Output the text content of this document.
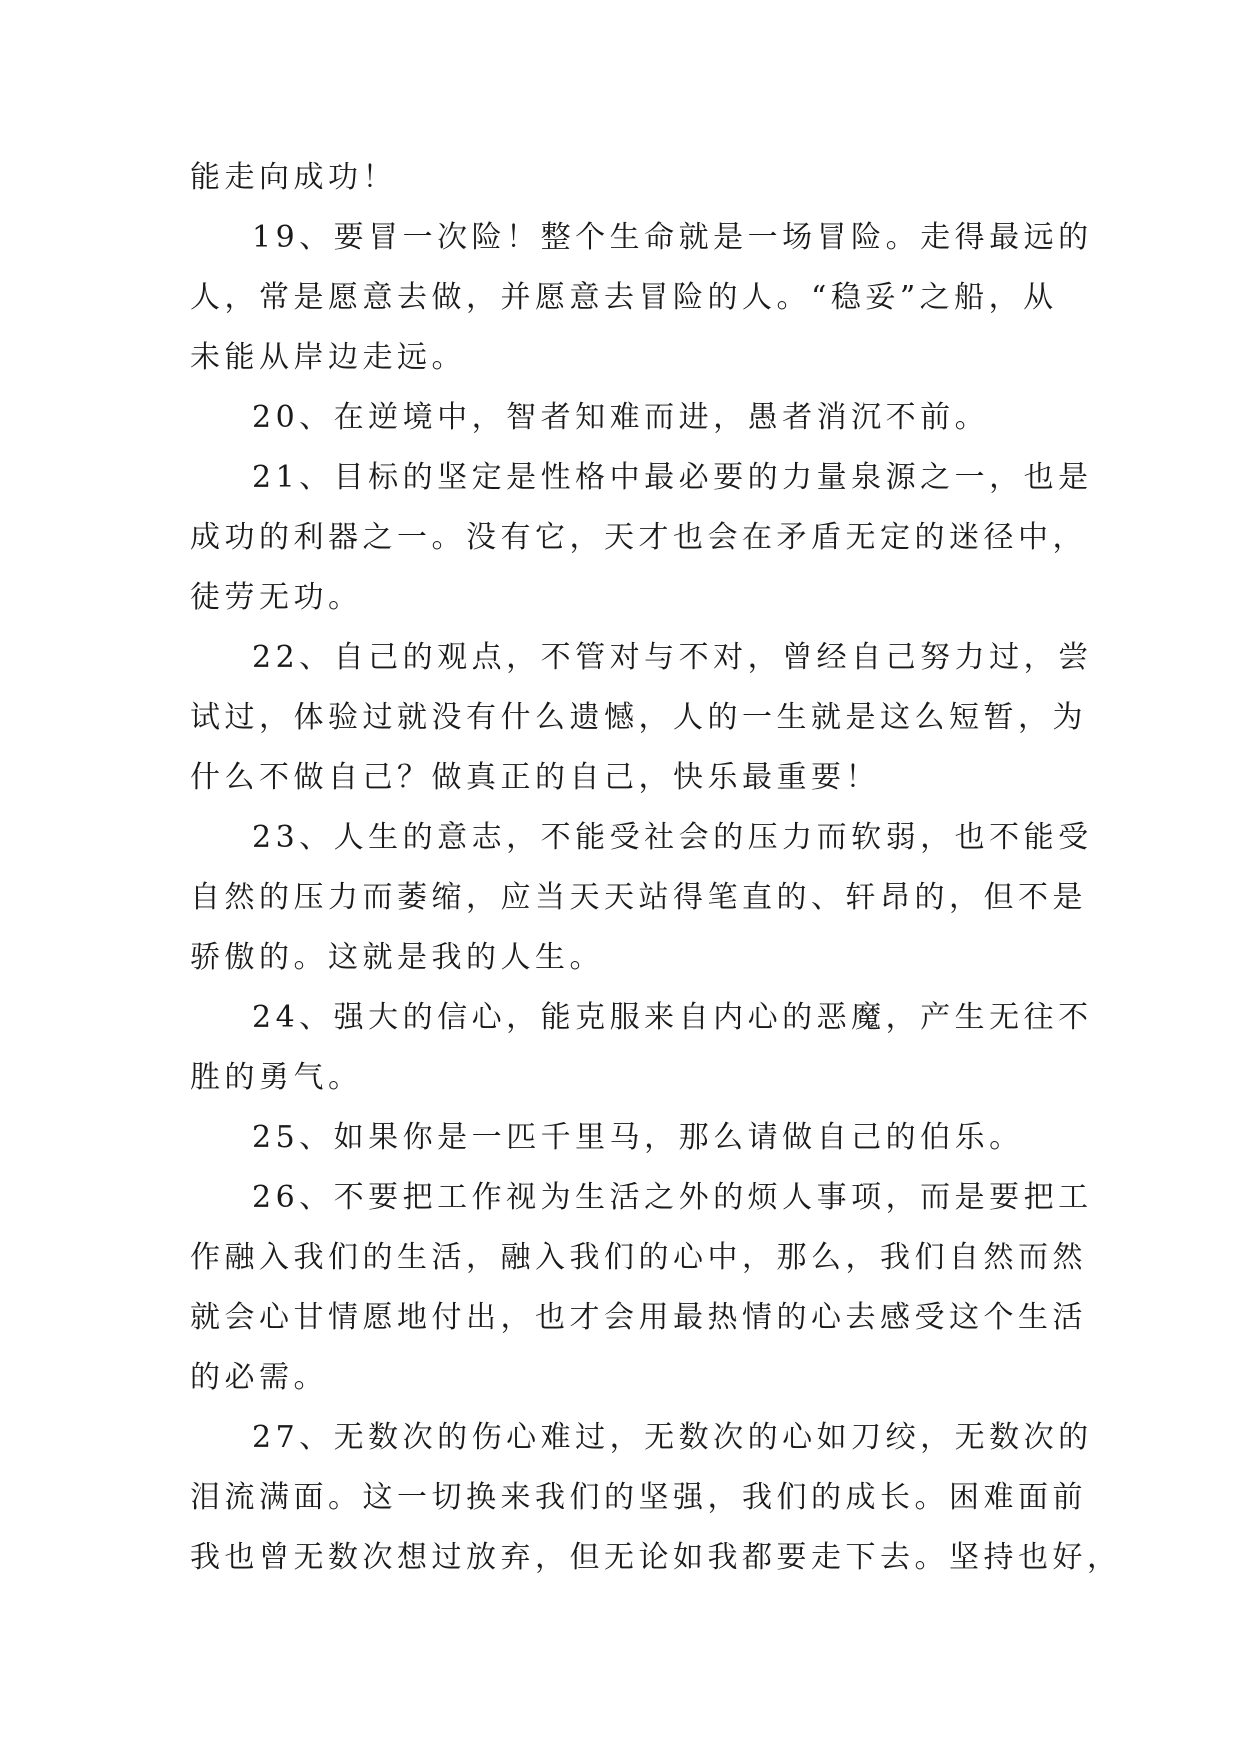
能走向成功！
19、要冒一次险！整个生命就是一场冒险。走得最远的
人，常是愿意去做，并愿意去冒险的人。“稳妥”之船，从
未能从岸边走远。
20、在逆境中，智者知难而进，愚者消沉不前。
21、目标的坚定是性格中最必要的力量泉源之一，也是
成功的利器之一。没有它，天才也会在矛盾无定的迷径中，
徒劳无功。
22、自己的观点，不管对与不对，曾经自己努力过，尝
试过，体验过就没有什么遗憾，人的一生就是这么短暂，为
什么不做自己？做真正的自己，快乐最重要！
23、人生的意志，不能受社会的压力而软弱，也不能受
自然的压力而萎缩，应当天天站得笔直的、轩昂的，但不是
骄傲的。这就是我的人生。
24、强大的信心，能克服来自内心的恶魔，产生无往不
胜的勇气。
25、如果你是一匹千里马，那么请做自己的伯乐。
26、不要把工作视为生活之外的烦人事项，而是要把工
作融入我们的生活，融入我们的心中，那么，我们自然而然
就会心甘情愿地付出，也才会用最热情的心去感受这个生活
的必需。
27、无数次的伤心难过，无数次的心如刀绞，无数次的
泪流满面。这一切换来我们的坚强，我们的成长。困难面前
我也曾无数次想过放弃，但无论如我都要走下去。坚持也好，
